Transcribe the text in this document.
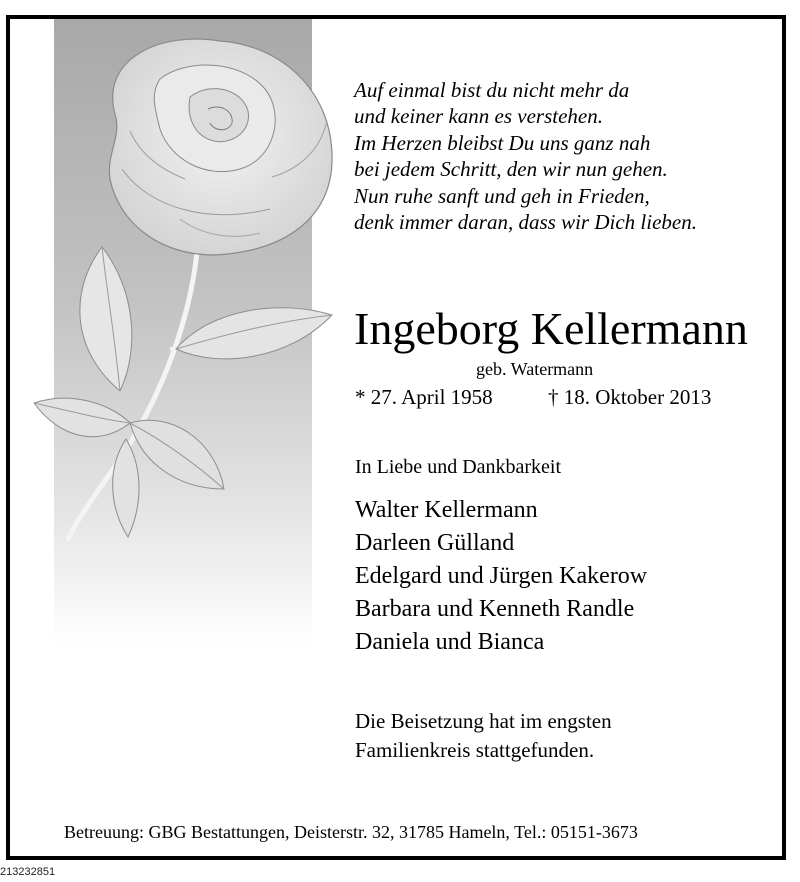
Auf einmal bist du nicht mehr da
und keiner kann es verstehen.
Im Herzen bleibst Du uns ganz nah
bei jedem Schritt, den wir nun gehen.
Nun ruhe sanft und geh in Frieden,
denk immer daran, dass wir Dich lieben.
Ingeborg Kellermann
geb. Watermann
* 27. April 1958	† 18. Oktober 2013
In Liebe und Dankbarkeit
Walter Kellermann
Darleen Gülland
Edelgard und Jürgen Kakerow
Barbara und Kenneth Randle
Daniela und Bianca
Die Beisetzung hat im engsten
Familienkreis stattgefunden.
Betreuung: GBG Bestattungen, Deisterstr. 32, 31785 Hameln, Tel.: 05151-3673
213232851
